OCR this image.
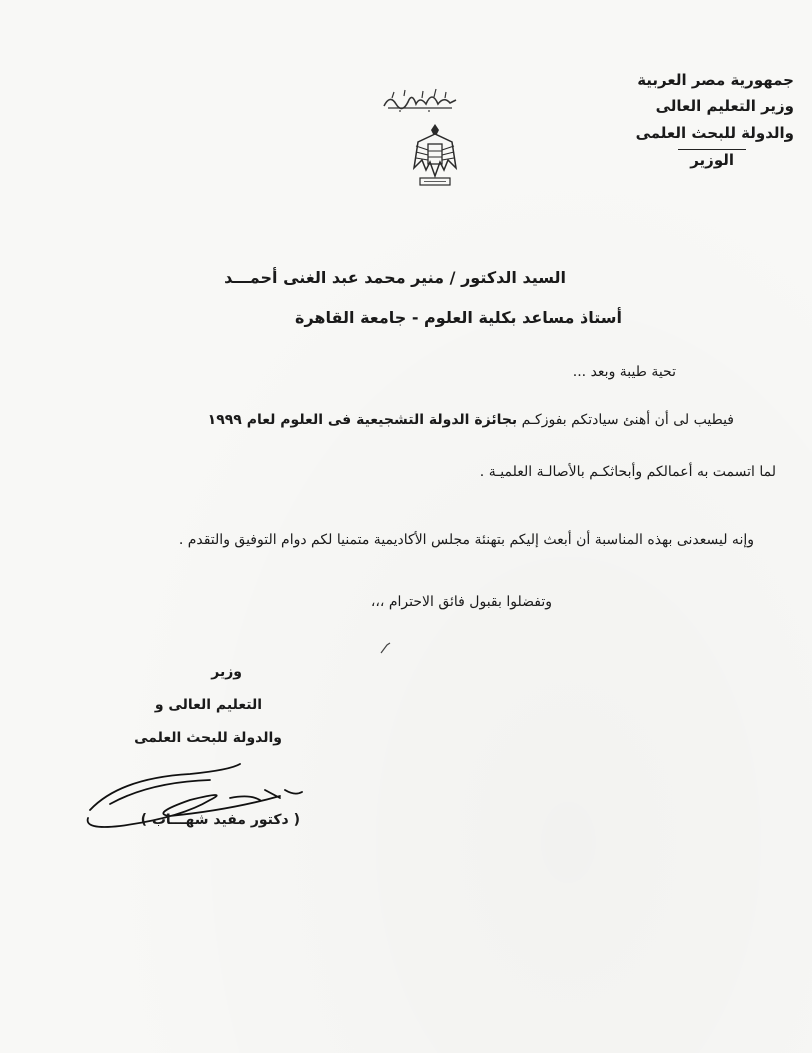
جمهورية مصر العربية
وزير التعليم العالى
والدولة للبحث العلمى
الوزير
السيد الدكتور / منير محمد عبد الغنى أحمـــد
أستاذ مساعد بكلية العلوم - جامعة القاهرة
تحية طيبة وبعد ...
فيطيب لى أن أهنئ سيادتكم بفوزكـم بجائزة الدولة التشجيعية فى العلوم لعام ١٩٩٩
لما اتسمت به أعمالكم وأبحاثكـم بالأصالـة العلميـة .
وإنه ليسعدنى بهذه المناسبة أن أبعث إليكم بتهنئة مجلس الأكاديمية متمنيا لكم دوام التوفيق والتقدم .
وتفضلوا بقبول فائق الاحترام ،،،
وزير
التعليم العالى و
والدولة للبحث العلمى
( دكتور مفيد شهـــاب )
